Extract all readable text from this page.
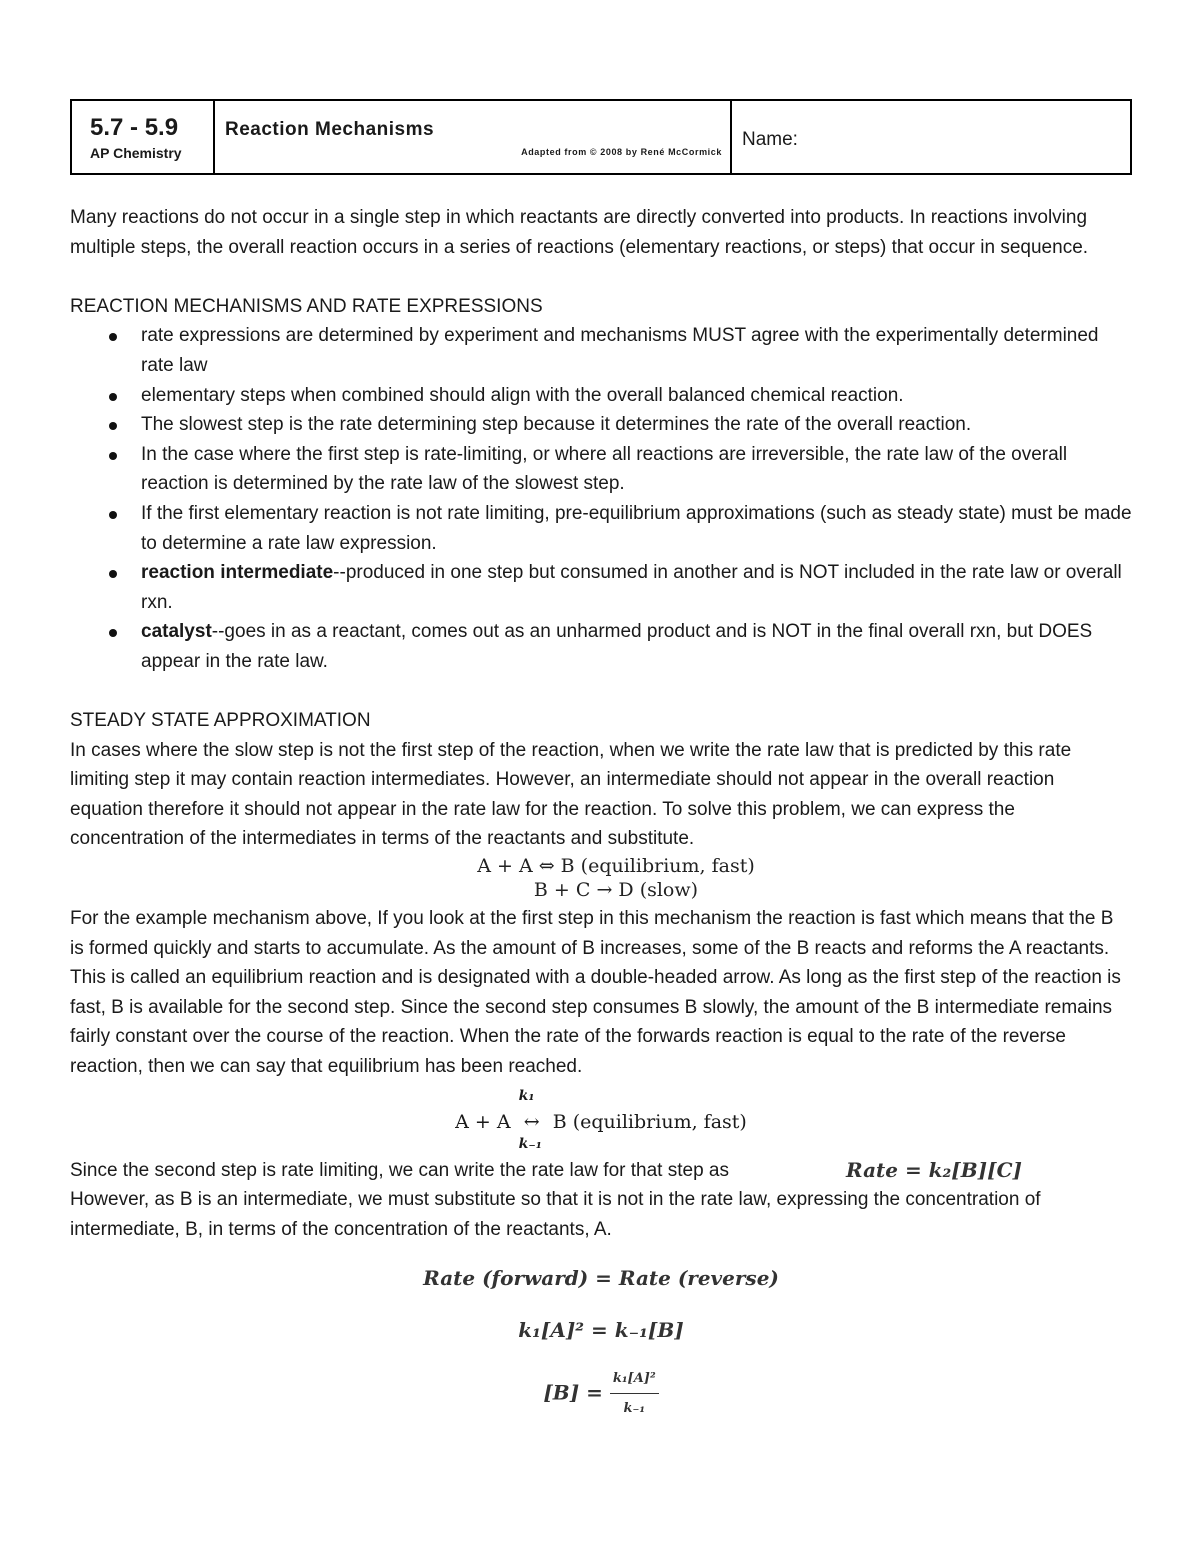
5.7 - 5.9
AP Chemistry
Reaction Mechanisms
Adapted from © 2008 by René McCormick
Name:

Many reactions do not occur in a single step in which reactants are directly converted into products. In reactions involving multiple steps, the overall reaction occurs in a series of reactions (elementary reactions, or steps) that occur in sequence.

REACTION MECHANISMS AND RATE EXPRESSIONS

rate expressions are determined by experiment and mechanisms MUST agree with the experimentally determined rate law
elementary steps when combined should align with the overall balanced chemical reaction.
The slowest step is the rate determining step because it determines the rate of the overall reaction.
In the case where the first step is rate-limiting, or where all reactions are irreversible, the rate law of the overall reaction is determined by the rate law of the slowest step.
If the first elementary reaction is not rate limiting, pre-equilibrium approximations (such as steady state) must be made to determine a rate law expression.
reaction intermediate--produced in one step but consumed in another and is NOT included in the rate law or overall rxn.
catalyst--goes in as a reactant, comes out as an unharmed product and is NOT in the final overall rxn, but DOES appear in the rate law.

STEADY STATE APPROXIMATION

In cases where the slow step is not the first step of the reaction, when we write the rate law that is predicted by this rate limiting step it may contain reaction intermediates. However, an intermediate should not appear in the overall reaction equation therefore it should not appear in the rate law for the reaction. To solve this problem, we can express the concentration of the intermediates in terms of the reactants and substitute.

A + A ⇔ B (equilibrium, fast)
B + C → D (slow)

For the example mechanism above, If you look at the first step in this mechanism the reaction is fast which means that the B is formed quickly and starts to accumulate. As the amount of B increases, some of the B reacts and reforms the A reactants. This is called an equilibrium reaction and is designated with a double-headed arrow. As long as the first step of the reaction is fast, B is available for the second step. Since the second step consumes B slowly, the amount of the B intermediate remains fairly constant over the course of the reaction. When the rate of the forwards reaction is equal to the rate of the reverse reaction, then we can say that equilibrium has been reached.

A + A
k₁
↔
k₋₁
B (equilibrium, fast)

Since the second step is rate limiting, we can write the rate law for that step as	Rate = k₂[B][C]

However, as B is an intermediate, we must substitute so that it is not in the rate law, expressing the concentration of intermediate, B, in terms of the concentration of the reactants, A.

Rate (forward) = Rate (reverse)
k₁[A]² = k₋₁[B]
$[B] = \frac{\text{k₁[A]²}}{\text{k₋₁}}$
